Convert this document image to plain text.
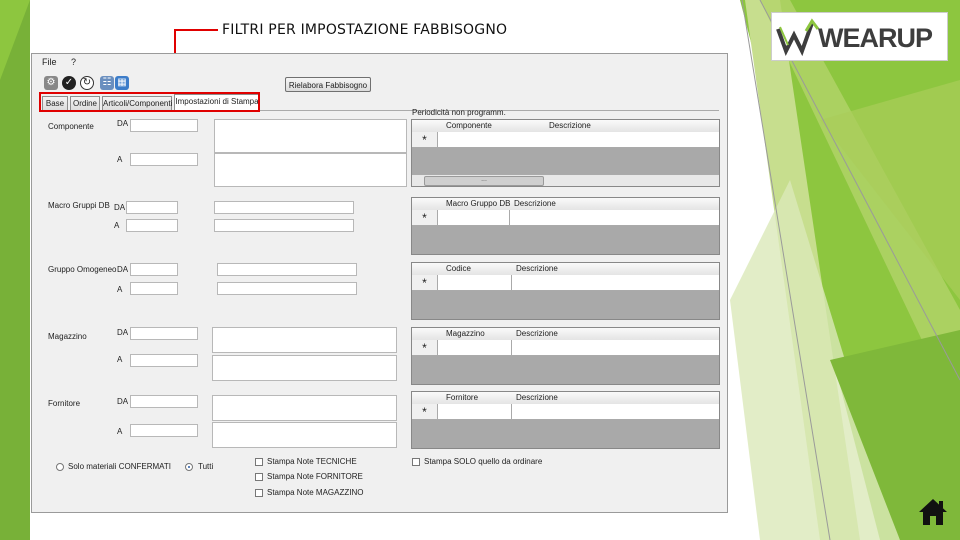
FILTRI PER IMPOSTAZIONE FABBISOGNO	WEARUP
File ?
⚙ ✓ ↻ ☷ ▦	Rielabora Fabbisogno
Base	Ordine Articoli/Componenti Impostazioni di Stampa
Componente	DA
A
Periodicità non programm.
Componente	Descrizione
*
...
Macro Gruppi DB DA
A
Macro Gruppo DB Descrizione
*
Gruppo Omogeneo DA
A
Codice	Descrizione
*
Magazzino	DA
A
Magazzino	Descrizione
*
Fornitore	DA
A
Fornitore	Descrizione
*
Solo materiali CONFERMATI	Tutti
Stampa Note TECNICHE
Stampa Note FORNITORE
Stampa Note MAGAZZINO
Stampa SOLO quello da ordinare
